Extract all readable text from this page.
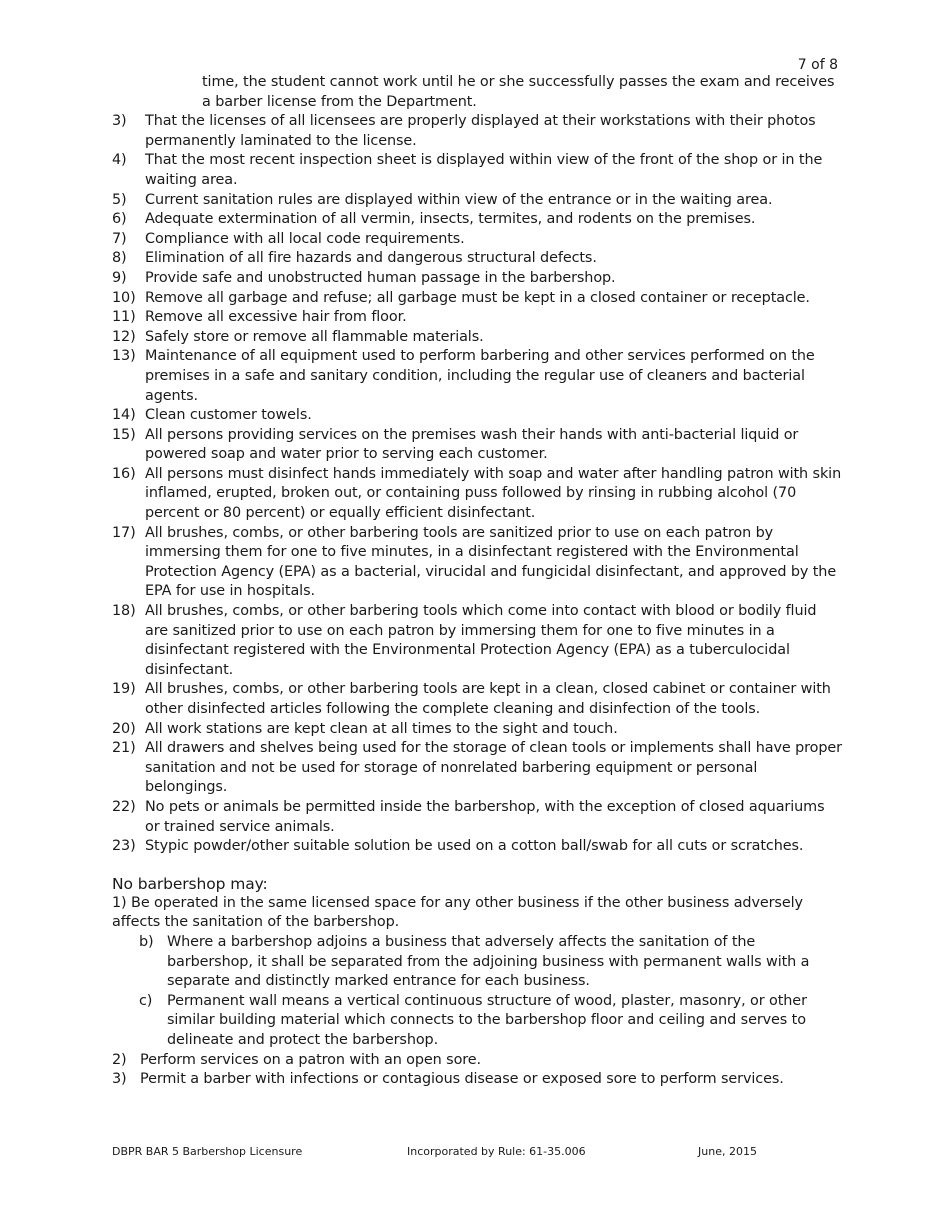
7 of 8
time, the student cannot work until he or she successfully passes the exam and receives a barber license from the Department.
3)	That the licenses of all licensees are properly displayed at their workstations with their photos permanently laminated to the license.
4)	That the most recent inspection sheet is displayed within view of the front of the shop or in the waiting area.
5)	Current sanitation rules are displayed within view of the entrance or in the waiting area.
6)	Adequate extermination of all vermin, insects, termites, and rodents on the premises.
7)	Compliance with all local code requirements.
8)	Elimination of all fire hazards and dangerous structural defects.
9)	Provide safe and unobstructed human passage in the barbershop.
10) Remove all garbage and refuse; all garbage must be kept in a closed container or receptacle.
11) Remove all excessive hair from floor.
12) Safely store or remove all flammable materials.
13) Maintenance of all equipment used to perform barbering and other services performed on the premises in a safe and sanitary condition, including the regular use of cleaners and bacterial agents.
14) Clean customer towels.
15) All persons providing services on the premises wash their hands with anti-bacterial liquid or powered soap and water prior to serving each customer.
16) All persons must disinfect hands immediately with soap and water after handling patron with skin inflamed, erupted, broken out, or containing puss followed by rinsing in rubbing alcohol (70 percent or 80 percent) or equally efficient disinfectant.
17) All brushes, combs, or other barbering tools are sanitized prior to use on each patron by immersing them for one to five minutes, in a disinfectant registered with the Environmental Protection Agency (EPA) as a bacterial, virucidal and fungicidal disinfectant, and approved by the EPA for use in hospitals.
18) All brushes, combs, or other barbering tools which come into contact with blood or bodily fluid are sanitized prior to use on each patron by immersing them for one to five minutes in a disinfectant registered with the Environmental Protection Agency (EPA) as a tuberculocidal disinfectant.
19) All brushes, combs, or other barbering tools are kept in a clean, closed cabinet or container with other disinfected articles following the complete cleaning and disinfection of the tools.
20) All work stations are kept clean at all times to the sight and touch.
21) All drawers and shelves being used for the storage of clean tools or implements shall have proper sanitation and not be used for storage of nonrelated barbering equipment or personal belongings.
22) No pets or animals be permitted inside the barbershop, with the exception of closed aquariums or trained service animals.
23) Stypic powder/other suitable solution be used on a cotton ball/swab for all cuts or scratches.
No barbershop may:
1) Be operated in the same licensed space for any other business if the other business adversely affects the sanitation of the barbershop.
b) Where a barbershop adjoins a business that adversely affects the sanitation of the barbershop, it shall be separated from the adjoining business with permanent walls with a separate and distinctly marked entrance for each business.
c)	Permanent wall means a vertical continuous structure of wood, plaster, masonry, or other similar building material which connects to the barbershop floor and ceiling and serves to delineate and protect the barbershop.
2) Perform services on a patron with an open sore.
3) Permit a barber with infections or contagious disease or exposed sore to perform services.
DBPR BAR 5 Barbershop Licensure	Incorporated by Rule: 61-35.006	June, 2015
